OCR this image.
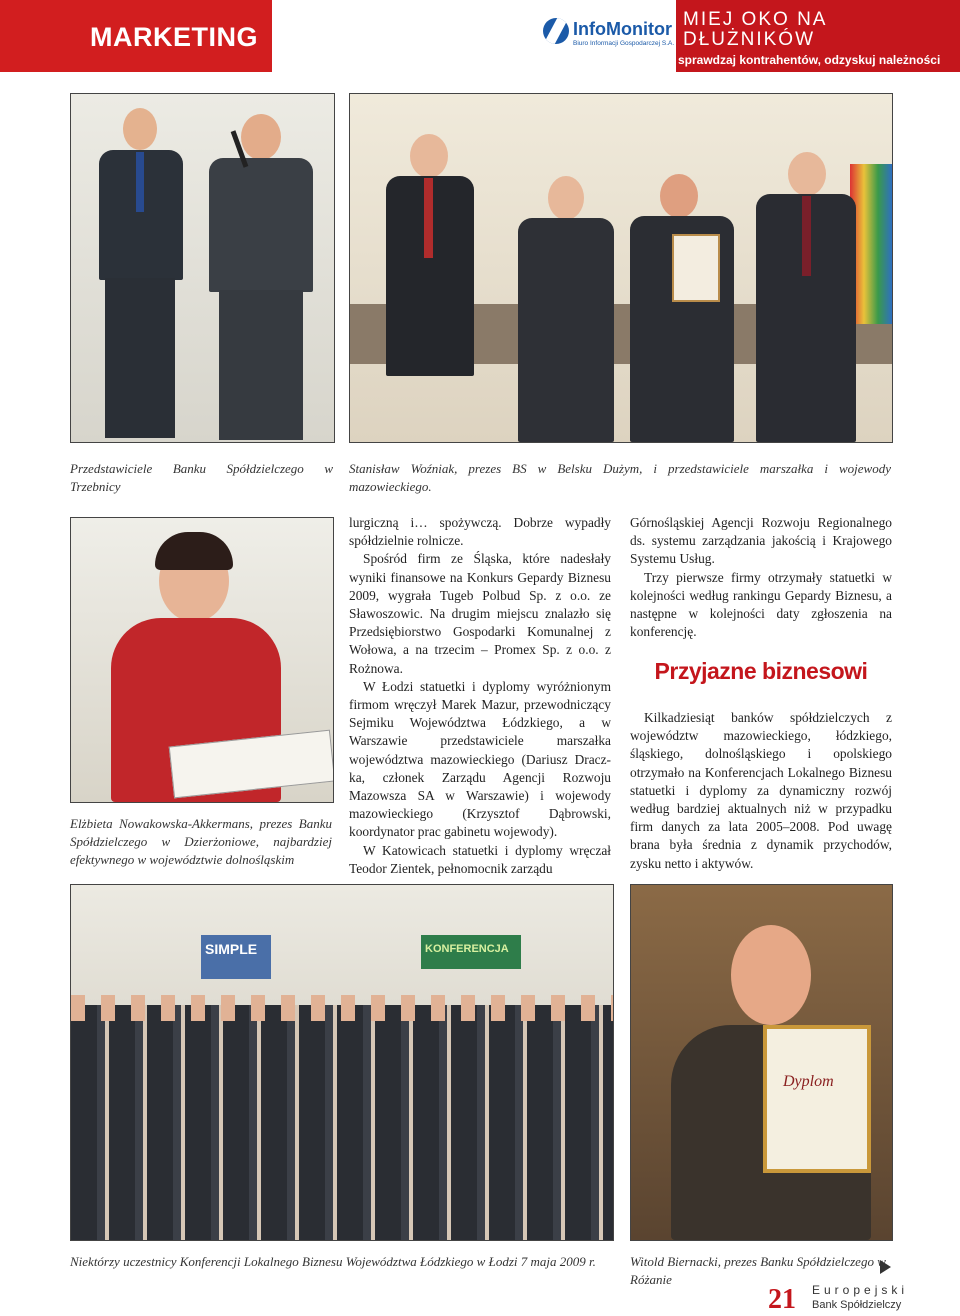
MARKETING	InfoMonitor
Biuro Informacji Gospodarczej S.A.
MIEJ OKO NA
DŁUŻNIKÓW
sprawdzaj kontrahentów, odzyskuj należności
SIMPLE	KONFERENCJA
Dyplom
Przedstawiciele Banku Spółdzielczego w Trzebnicy
Stanisław Woźniak, prezes BS w Belsku Dużym, i przedstawiciele marszałka i wojewody mazowieckiego.
Elżbieta Nowakowska-Akkermans, prezes Banku Spółdzielczego w Dzierżoniowe, najbardziej efektywnego w województwie dolnośląskim
Niektórzy uczestnicy Konferencji Lokalnego Biznesu Województwa Łódzkiego w Łodzi 7 maja 2009 r.	Witold Biernacki, prezes Banku Spółdzielczego w Różanie

lurgiczną i… spożywczą. Dobrze wypadły spółdzielnie rolnicze.

Spośród firm ze Śląska, które nadesłały wyniki finansowe na Konkurs Gepardy Biznesu 2009, wygrała Tugeb Polbud Sp. z o.o. ze Sławoszowic. Na drugim miejscu znalazło się Przedsiębiorstwo Gospodarki Komunalnej z Wołowa, a na trzecim – Promex Sp. z o.o. z Rożnowa.

W Łodzi statuetki i dyplomy wyróżnionym firmom wręczył Marek Mazur, przewodniczący Sejmiku Województwa Łódzkiego, a w Warszawie przedstawiciele marszałka województwa mazowieckiego (Dariusz Draczka, członek Zarządu Agencji Rozwoju Mazowsza SA w Warszawie) i wojewody mazowieckiego (Krzysztof Dąbrowski, koordynator prac gabinetu wojewody).

W Katowicach statuetki i dyplomy wręczał Teodor Zientek, pełnomocnik zarządu

Górnośląskiej Agencji Rozwoju Regionalnego ds. systemu zarządzania jakością i Krajowego Systemu Usług.

Trzy pierwsze firmy otrzymały statuetki w kolejności według rankingu Gepardy Biznesu, a następne w kolejności daty zgłoszenia na konferencję.

Przyjazne biznesowi

Kilkadziesiąt banków spółdzielczych z województw mazowieckiego, łódzkiego, śląskiego, dolnośląskiego i opolskiego otrzymało na Konferencjach Lokalnego Biznesu statuetki i dyplomy za dynamiczny rozwój według bardziej aktualnych niż w przypadku firm danych za lata 2005–2008. Pod uwagę brana była średnia z dynamik przychodów, zysku netto i aktywów.

21 Europejski
Bank Spółdzielczy
